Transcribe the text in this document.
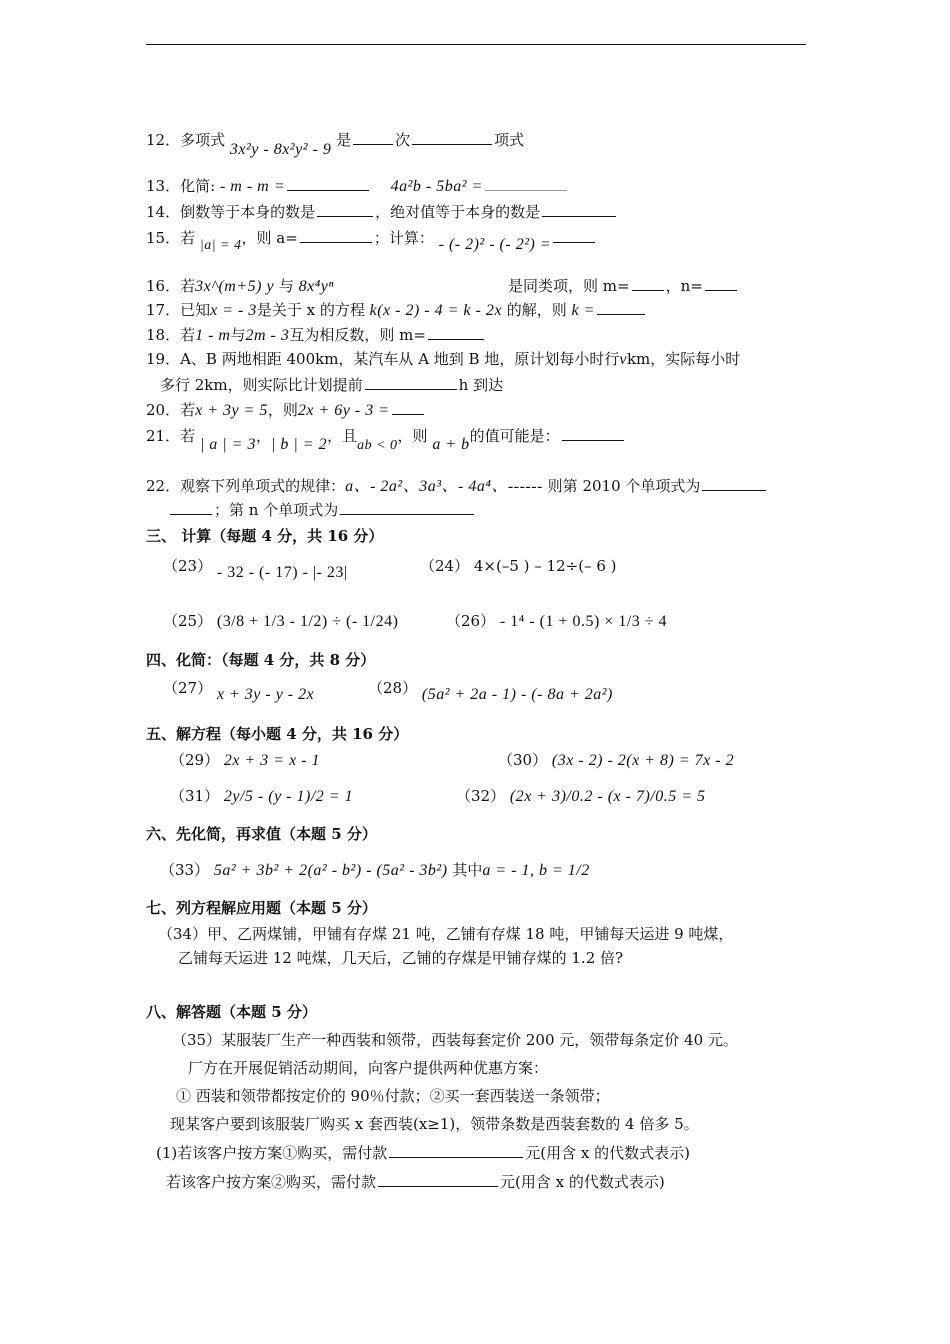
12．多项式 3x²y - 8x²y² - 9 是	次	项式
13．化简: - m - m =	4a²b - 5ba² =
14．倒数等于本身的数是	，绝对值等于本身的数是
15．若 |a| = 4，则 a=	；计算： - (- 2)² - (- 2²) =
16．若3x^(m+5) y 与 8x⁴yⁿ	是同类项，则 m= ，n=
17．已知x = - 3是关于 x 的方程 k(x - 2) - 4 = k - 2x 的解，则 k =
18．若1 - m与2m - 3互为相反数，则 m=
19．A、B 两地相距 400km，某汽车从 A 地到 B 地，原计划每小时行vkm，实际每小时
多行 2km，则实际比计划提前	h 到达
20．若x + 3y = 5，则2x + 6y - 3 =
21．若 | a | = 3，| b | = 2，且ab < 0，则 a + b的值可能是：
22．观察下列单项式的规律：a、- 2a²、3a³、- 4a⁴、------ 则第 2010 个单项式为
；第 n 个单项式为
三、 计算（每题 4 分，共 16 分）
（23） - 32 - (- 17) - |- 23|	（24） 4×(–5 ) – 12÷(– 6 )
（25） (3/8 + 1/3 - 1/2) ÷ (- 1/24)	（26） - 1⁴ - (1 + 0.5) × 1/3 ÷ 4
四、化简：（每题 4 分，共 8 分）
（27） x + 3y - y - 2x	（28） (5a² + 2a - 1) - (- 8a + 2a²)
五、解方程（每小题 4 分，共 16 分）
（29） 2x + 3 = x - 1	（30） (3x - 2) - 2(x + 8) = 7x - 2
（31） 2y/5 - (y - 1)/2 = 1	（32） (2x + 3)/0.2 - (x - 7)/0.5 = 5
六、先化简，再求值（本题 5 分）
（33） 5a² + 3b² + 2(a² - b²) - (5a² - 3b²) 其中a = - 1, b = 1/2
七、列方程解应用题（本题 5 分）
（34）甲、乙两煤铺，甲铺有存煤 21 吨，乙铺有存煤 18 吨，甲铺每天运进 9 吨煤，
乙铺每天运进 12 吨煤，几天后，乙铺的存煤是甲铺存煤的 1.2 倍?
八、解答题（本题 5 分）
（35）某服装厂生产一种西装和领带，西装每套定价 200 元，领带每条定价 40 元。
厂方在开展促销活动期间，向客户提供两种优惠方案：
① 西装和领带都按定价的 90％付款；②买一套西装送一条领带；
现某客户要到该服装厂购买 x 套西装(x≥1)，领带条数是西装套数的 4 倍多 5。
(1)若该客户按方案①购买，需付款	元(用含 x 的代数式表示)
若该客户按方案②购买，需付款	元(用含 x 的代数式表示)
